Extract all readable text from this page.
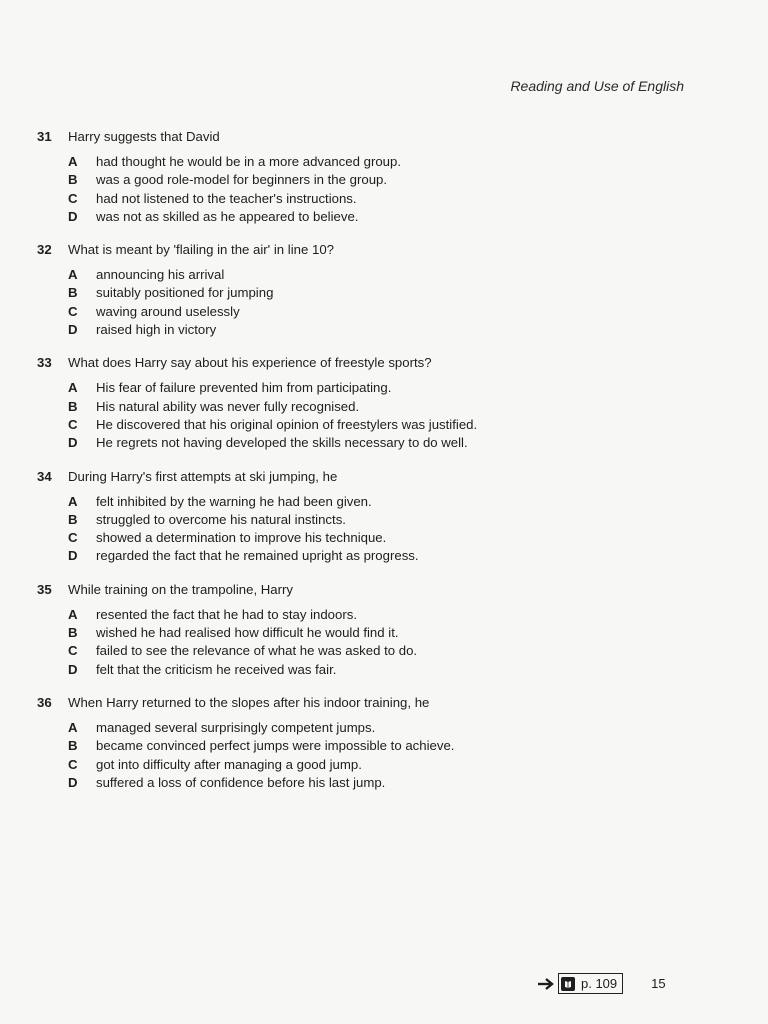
Reading and Use of English
31	Harry suggests that David
A	had thought he would be in a more advanced group.
B	was a good role-model for beginners in the group.
C	had not listened to the teacher's instructions.
D	was not as skilled as he appeared to believe.
32	What is meant by 'flailing in the air' in line 10?
A	announcing his arrival
B	suitably positioned for jumping
C	waving around uselessly
D	raised high in victory
33	What does Harry say about his experience of freestyle sports?
A	His fear of failure prevented him from participating.
B	His natural ability was never fully recognised.
C	He discovered that his original opinion of freestylers was justified.
D	He regrets not having developed the skills necessary to do well.
34	During Harry's first attempts at ski jumping, he
A	felt inhibited by the warning he had been given.
B	struggled to overcome his natural instincts.
C	showed a determination to improve his technique.
D	regarded the fact that he remained upright as progress.
35	While training on the trampoline, Harry
A	resented the fact that he had to stay indoors.
B	wished he had realised how difficult he would find it.
C	failed to see the relevance of what he was asked to do.
D	felt that the criticism he received was fair.
36	When Harry returned to the slopes after his indoor training, he
A	managed several surprisingly competent jumps.
B	became convinced perfect jumps were impossible to achieve.
C	got into difficulty after managing a good jump.
D	suffered a loss of confidence before his last jump.
p. 109	15
